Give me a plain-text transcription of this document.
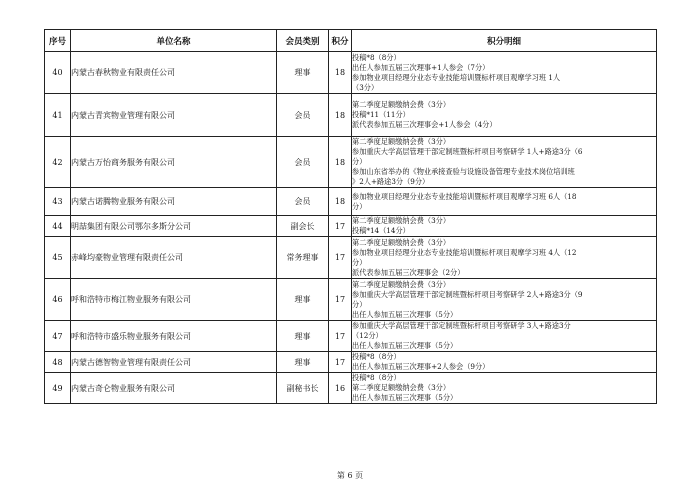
序号	单位名称	会员类别	积分	积分明细
40	内蒙古春秋物业有限责任公司	理事	18	投稿*8（8分）
出任人参加五届三次理事+1人参会（7分）
参加物业项目经理分业态专业技能培训暨标杆项目观摩学习班 1人
（3分）

41	内蒙古青宾物业管理有限公司	会员	18	第二季度足额缴纳会费（3分）
投稿*11（11分）
派代表参加五届三次理事会+1人参会（4分）

42	内蒙古万怡商务服务有限公司	会员	18	第二季度足额缴纳会费（3分）
参加重庆大学高层管理干部定制班暨标杆项目考察研学 1人+路途3分（6
分）
参加山东省举办的《物业承接查验与设施设备管理专业技术岗位培训班
》2人+路途3分（9分）

43	内蒙古诺腾物业服务有限公司	会员	18	参加物业项目经理分业态专业技能培训暨标杆项目观摩学习班 6人（18
分）

44	明喆集团有限公司鄂尔多斯分公司	副会长	17	第二季度足额缴纳会费（3分）
投稿*14（14分）

45	赤峰均豪物业管理有限责任公司	常务理事	17	第二季度足额缴纳会费（3分）
参加物业项目经理分业态专业技能培训暨标杆项目观摩学习班 4人（12
分）
派代表参加五届三次理事会（2分）

46	呼和浩特市梅江物业服务有限公司	理事	17	第二季度足额缴纳会费（3分）
参加重庆大学高层管理干部定制班暨标杆项目考察研学 2人+路途3分（9
分）
出任人参加五届三次理事（5分）

47	呼和浩特市盛乐物业服务有限公司	理事	17	参加重庆大学高层管理干部定制班暨标杆项目考察研学 3人+路途3分
（12分）
出任人参加五届三次理事（5分）

48	内蒙古德智物业管理有限责任公司	理事	17	投稿*8（8分）
出任人参加五届三次理事+2人参会（9分）

49	内蒙古奇仑物业服务有限公司	副秘书长	16	投稿*8（8分）
第二季度足额缴纳会费（3分）
出任人参加五届三次理事（5分）
第 6 页
